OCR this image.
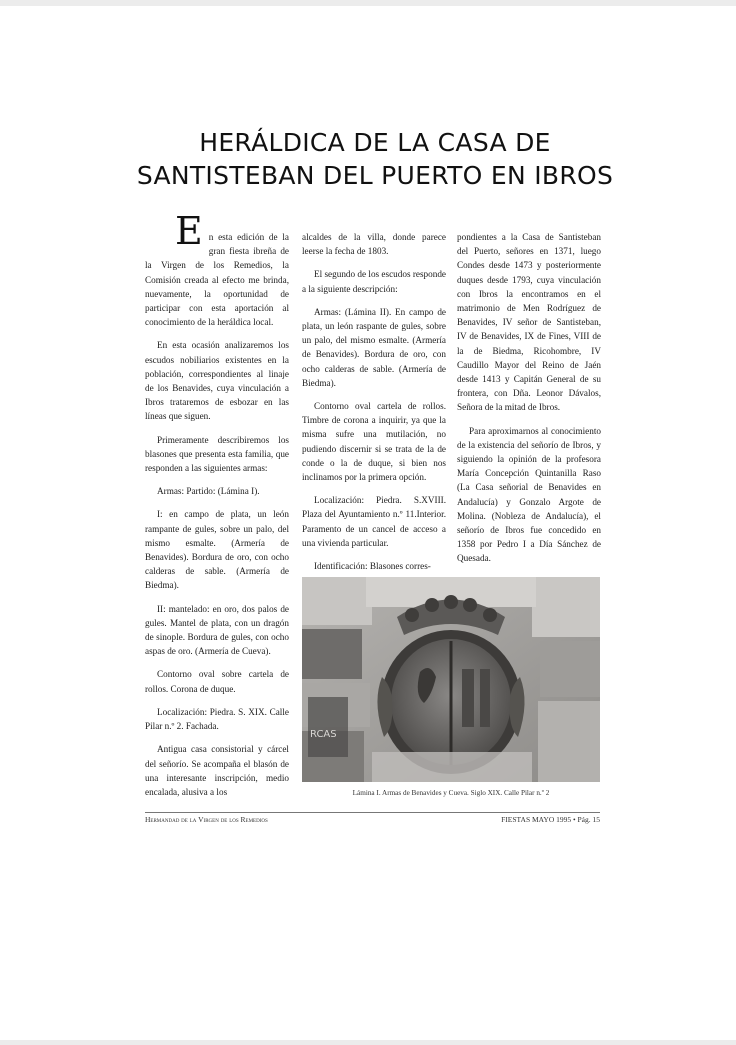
HERÁLDICA DE LA CASA DE
SANTISTEBAN DEL PUERTO EN IBROS

En esta edición de la gran fiesta ibreña de la Virgen de los Remedios, la Comisión creada al efecto me brinda, nuevamente, la oportunidad de participar con esta aportación al conocimiento de la heráldica local.

En esta ocasión analizaremos los escudos nobiliarios existentes en la población, correspondientes al linaje de los Benavides, cuya vinculación a Ibros trataremos de esbozar en las líneas que siguen.

Primeramente describiremos los blasones que presenta esta familia, que responden a las siguientes armas:

Armas: Partido: (Lámina I).

I: en campo de plata, un león rampante de gules, sobre un palo, del mismo esmalte. (Armería de Benavides). Bordura de oro, con ocho calderas de sable. (Armería de Biedma).

II: mantelado: en oro, dos palos de gules. Mantel de plata, con un dragón de sinople. Bordura de gules, con ocho aspas de oro. (Armería de Cueva).

Contorno oval sobre cartela de rollos. Corona de duque.

Localización: Piedra. S. XIX. Calle Pilar n.º 2. Fachada.

Antigua casa consistorial y cárcel del señorío. Se acompaña el blasón de una interesante inscripción, medio encalada, alusiva a los

alcaldes de la villa, donde parece leerse la fecha de 1803.

El segundo de los escudos responde a la siguiente descripción:

Armas: (Lámina II). En campo de plata, un león raspante de gules, sobre un palo, del mismo esmalte. (Armería de Benavides). Bordura de oro, con ocho calderas de sable. (Armería de Biedma).

Contorno oval cartela de rollos. Timbre de corona a inquirir, ya que la misma sufre una mutilación, no pudiendo discernir si se trata de la de conde o la de duque, si bien nos inclinamos por la primera opción.

Localización: Piedra. S.XVIII. Plaza del Ayuntamiento n.º 11.Interior. Paramento de un cancel de acceso a una vivienda particular.

Identificación: Blasones corres-

pondientes a la Casa de Santisteban del Puerto, señores en 1371, luego Condes desde 1473 y posteriormente duques desde 1793, cuya vinculación con Ibros la encontramos en el matrimonio de Men Rodríguez de Benavides, IV señor de Santisteban, IV de Benavides, IX de Fines, VIII de la de Biedma, Ricohombre, IV Caudillo Mayor del Reino de Jaén desde 1413 y Capitán General de su frontera, con Dña. Leonor Dávalos, Señora de la mitad de Ibros.

Para aproximarnos al conocimiento de la existencia del señorío de Ibros, y siguiendo la opinión de la profesora María Concepción Quintanilla Raso (La Casa señorial de Benavides en Andalucía) y Gonzalo Argote de Molina. (Nobleza de Andalucía), el señorío de Ibros fue concedido en 1358 por Pedro I a Día Sánchez de Quesada.

RCAS
Lámina I. Armas de Benavides y Cueva. Siglo XIX. Calle Pilar n.º 2
Hermandad de la Virgen de los Remedios	FIESTAS MAYO 1995 • Pág. 15
